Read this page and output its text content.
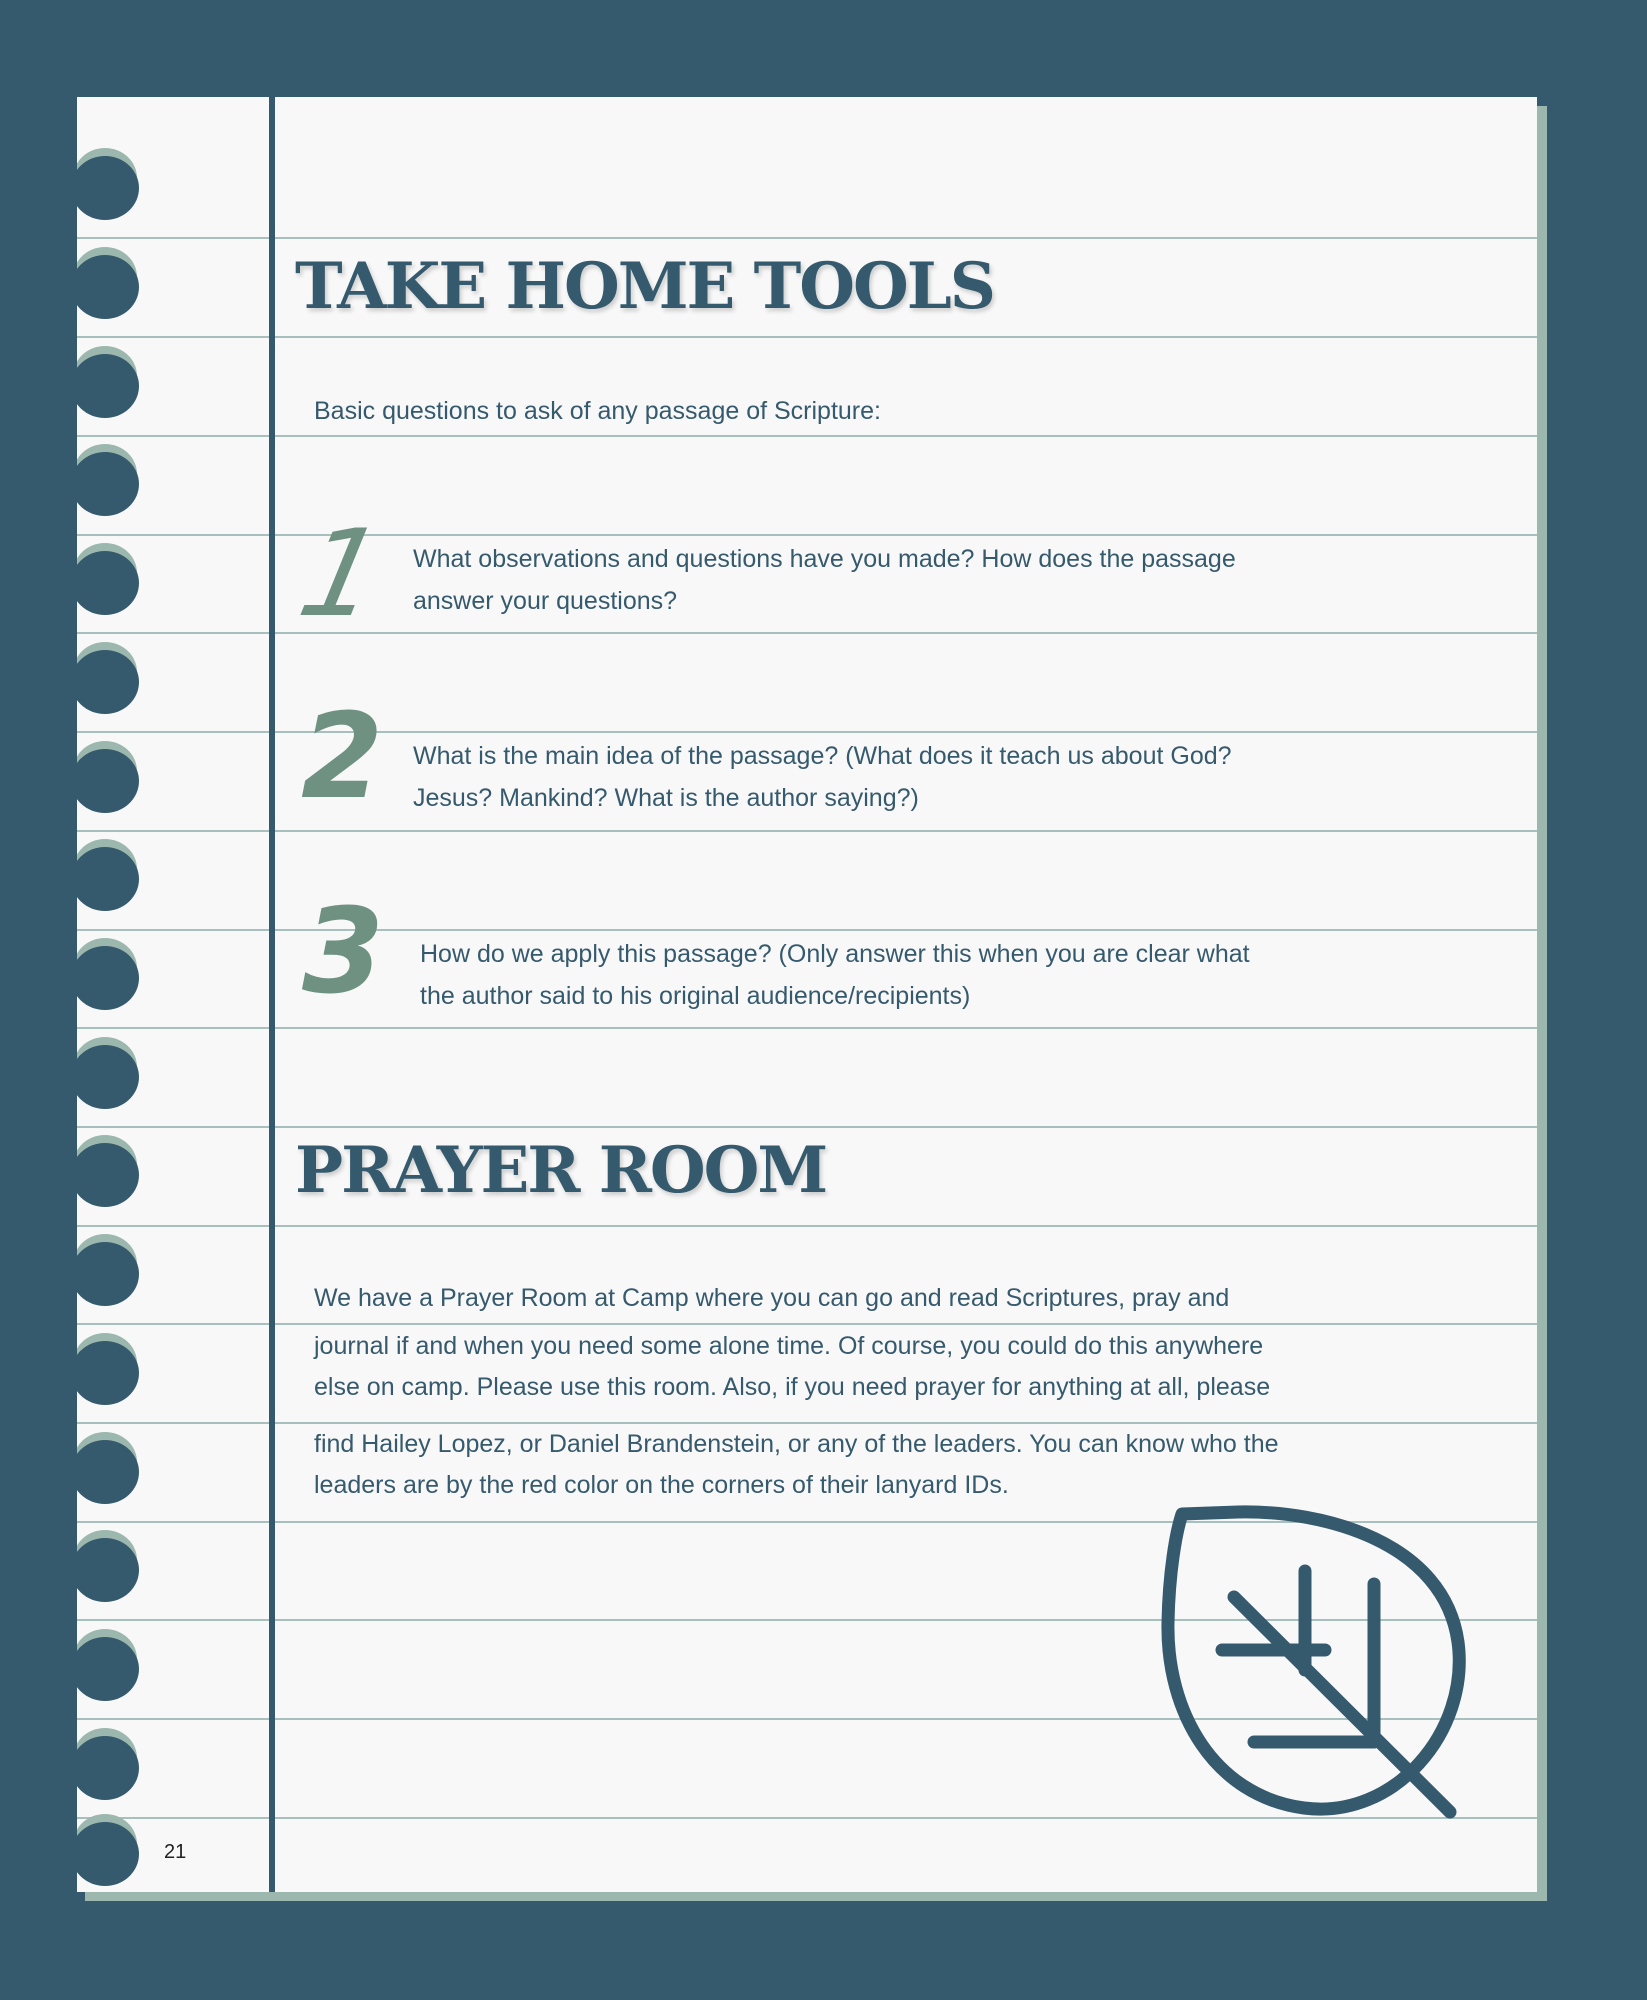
TAKE HOME TOOLS
Basic questions to ask of any passage of Scripture:
1 What observations and questions have you made? How does the passage
answer your questions?
2 What is the main idea of the passage? (What does it teach us about God?
Jesus? Mankind? What is the author saying?)
3 How do we apply this passage? (Only answer this when you are clear what
the author said to his original audience/recipients)
PRAYER ROOM
We have a Prayer Room at Camp where you can go and read Scriptures, pray and
journal if and when you need some alone time. Of course, you could do this anywhere
else on camp. Please use this room. Also, if you need prayer for anything at all, please
find Hailey Lopez, or Daniel Brandenstein, or any of the leaders. You can know who the
leaders are by the red color on the corners of their lanyard IDs.
21
